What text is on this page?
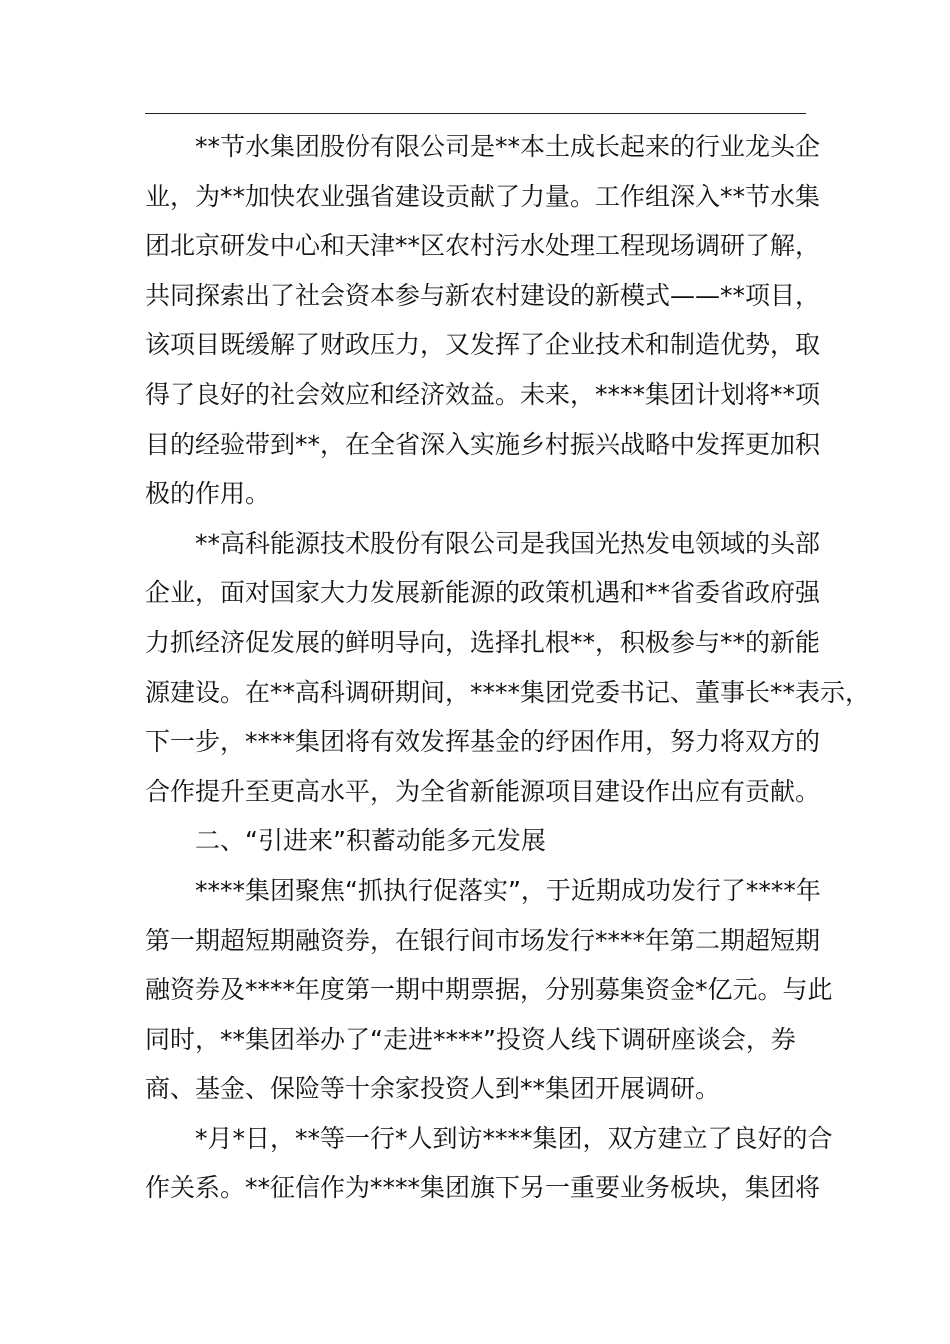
**节水集团股份有限公司是**本土成长起来的行业龙头企
业，为**加快农业强省建设贡献了力量。工作组深入**节水集
团北京研发中心和天津**区农村污水处理工程现场调研了解，
共同探索出了社会资本参与新农村建设的新模式——**项目，
该项目既缓解了财政压力，又发挥了企业技术和制造优势，取
得了良好的社会效应和经济效益。未来，****集团计划将**项
目的经验带到**，在全省深入实施乡村振兴战略中发挥更加积
极的作用。
**高科能源技术股份有限公司是我国光热发电领域的头部
企业，面对国家大力发展新能源的政策机遇和**省委省政府强
力抓经济促发展的鲜明导向，选择扎根**，积极参与**的新能
源建设。在**高科调研期间，****集团党委书记、董事长**表示，
下一步，****集团将有效发挥基金的纾困作用，努力将双方的
合作提升至更高水平，为全省新能源项目建设作出应有贡献。
二、“引进来”积蓄动能多元发展
****集团聚焦“抓执行促落实”，于近期成功发行了****年
第一期超短期融资券，在银行间市场发行****年第二期超短期
融资券及****年度第一期中期票据，分别募集资金*亿元。与此
同时，**集团举办了“走进****”投资人线下调研座谈会，券
商、基金、保险等十余家投资人到**集团开展调研。
*月*日，**等一行*人到访****集团，双方建立了良好的合
作关系。**征信作为****集团旗下另一重要业务板块，集团将
